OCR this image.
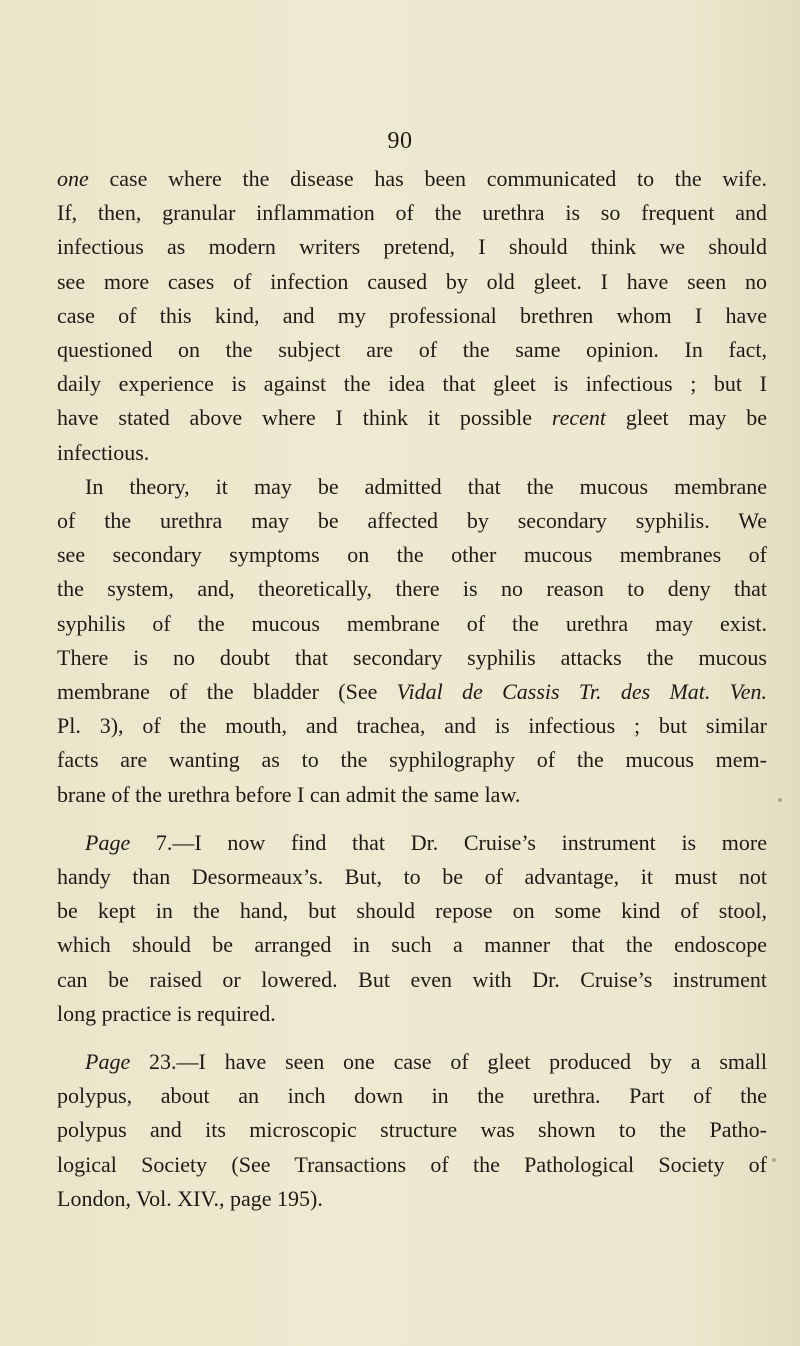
90
one case where the disease has been communicated to the wife.
If, then, granular inflammation of the urethra is so frequent and
infectious as modern writers pretend, I should think we should
see more cases of infection caused by old gleet. I have seen no
case of this kind, and my professional brethren whom I have
questioned on the subject are of the same opinion. In fact,
daily experience is against the idea that gleet is infectious ; but I
have stated above where I think it possible recent gleet may be
infectious.
In theory, it may be admitted that the mucous membrane
of the urethra may be affected by secondary syphilis. We
see secondary symptoms on the other mucous membranes of
the system, and, theoretically, there is no reason to deny that
syphilis of the mucous membrane of the urethra may exist.
There is no doubt that secondary syphilis attacks the mucous
membrane of the bladder (See Vidal de Cassis Tr. des Mat. Ven.
Pl. 3), of the mouth, and trachea, and is infectious ; but similar
facts are wanting as to the syphilography of the mucous mem-
brane of the urethra before I can admit the same law.
Page 7.—I now find that Dr. Cruise’s instrument is more
handy than Desormeaux’s. But, to be of advantage, it must not
be kept in the hand, but should repose on some kind of stool,
which should be arranged in such a manner that the endoscope
can be raised or lowered. But even with Dr. Cruise’s instrument
long practice is required.
Page 23.—I have seen one case of gleet produced by a small
polypus, about an inch down in the urethra. Part of the
polypus and its microscopic structure was shown to the Patho-
logical Society (See Transactions of the Pathological Society of
London, Vol. XIV., page 195).
